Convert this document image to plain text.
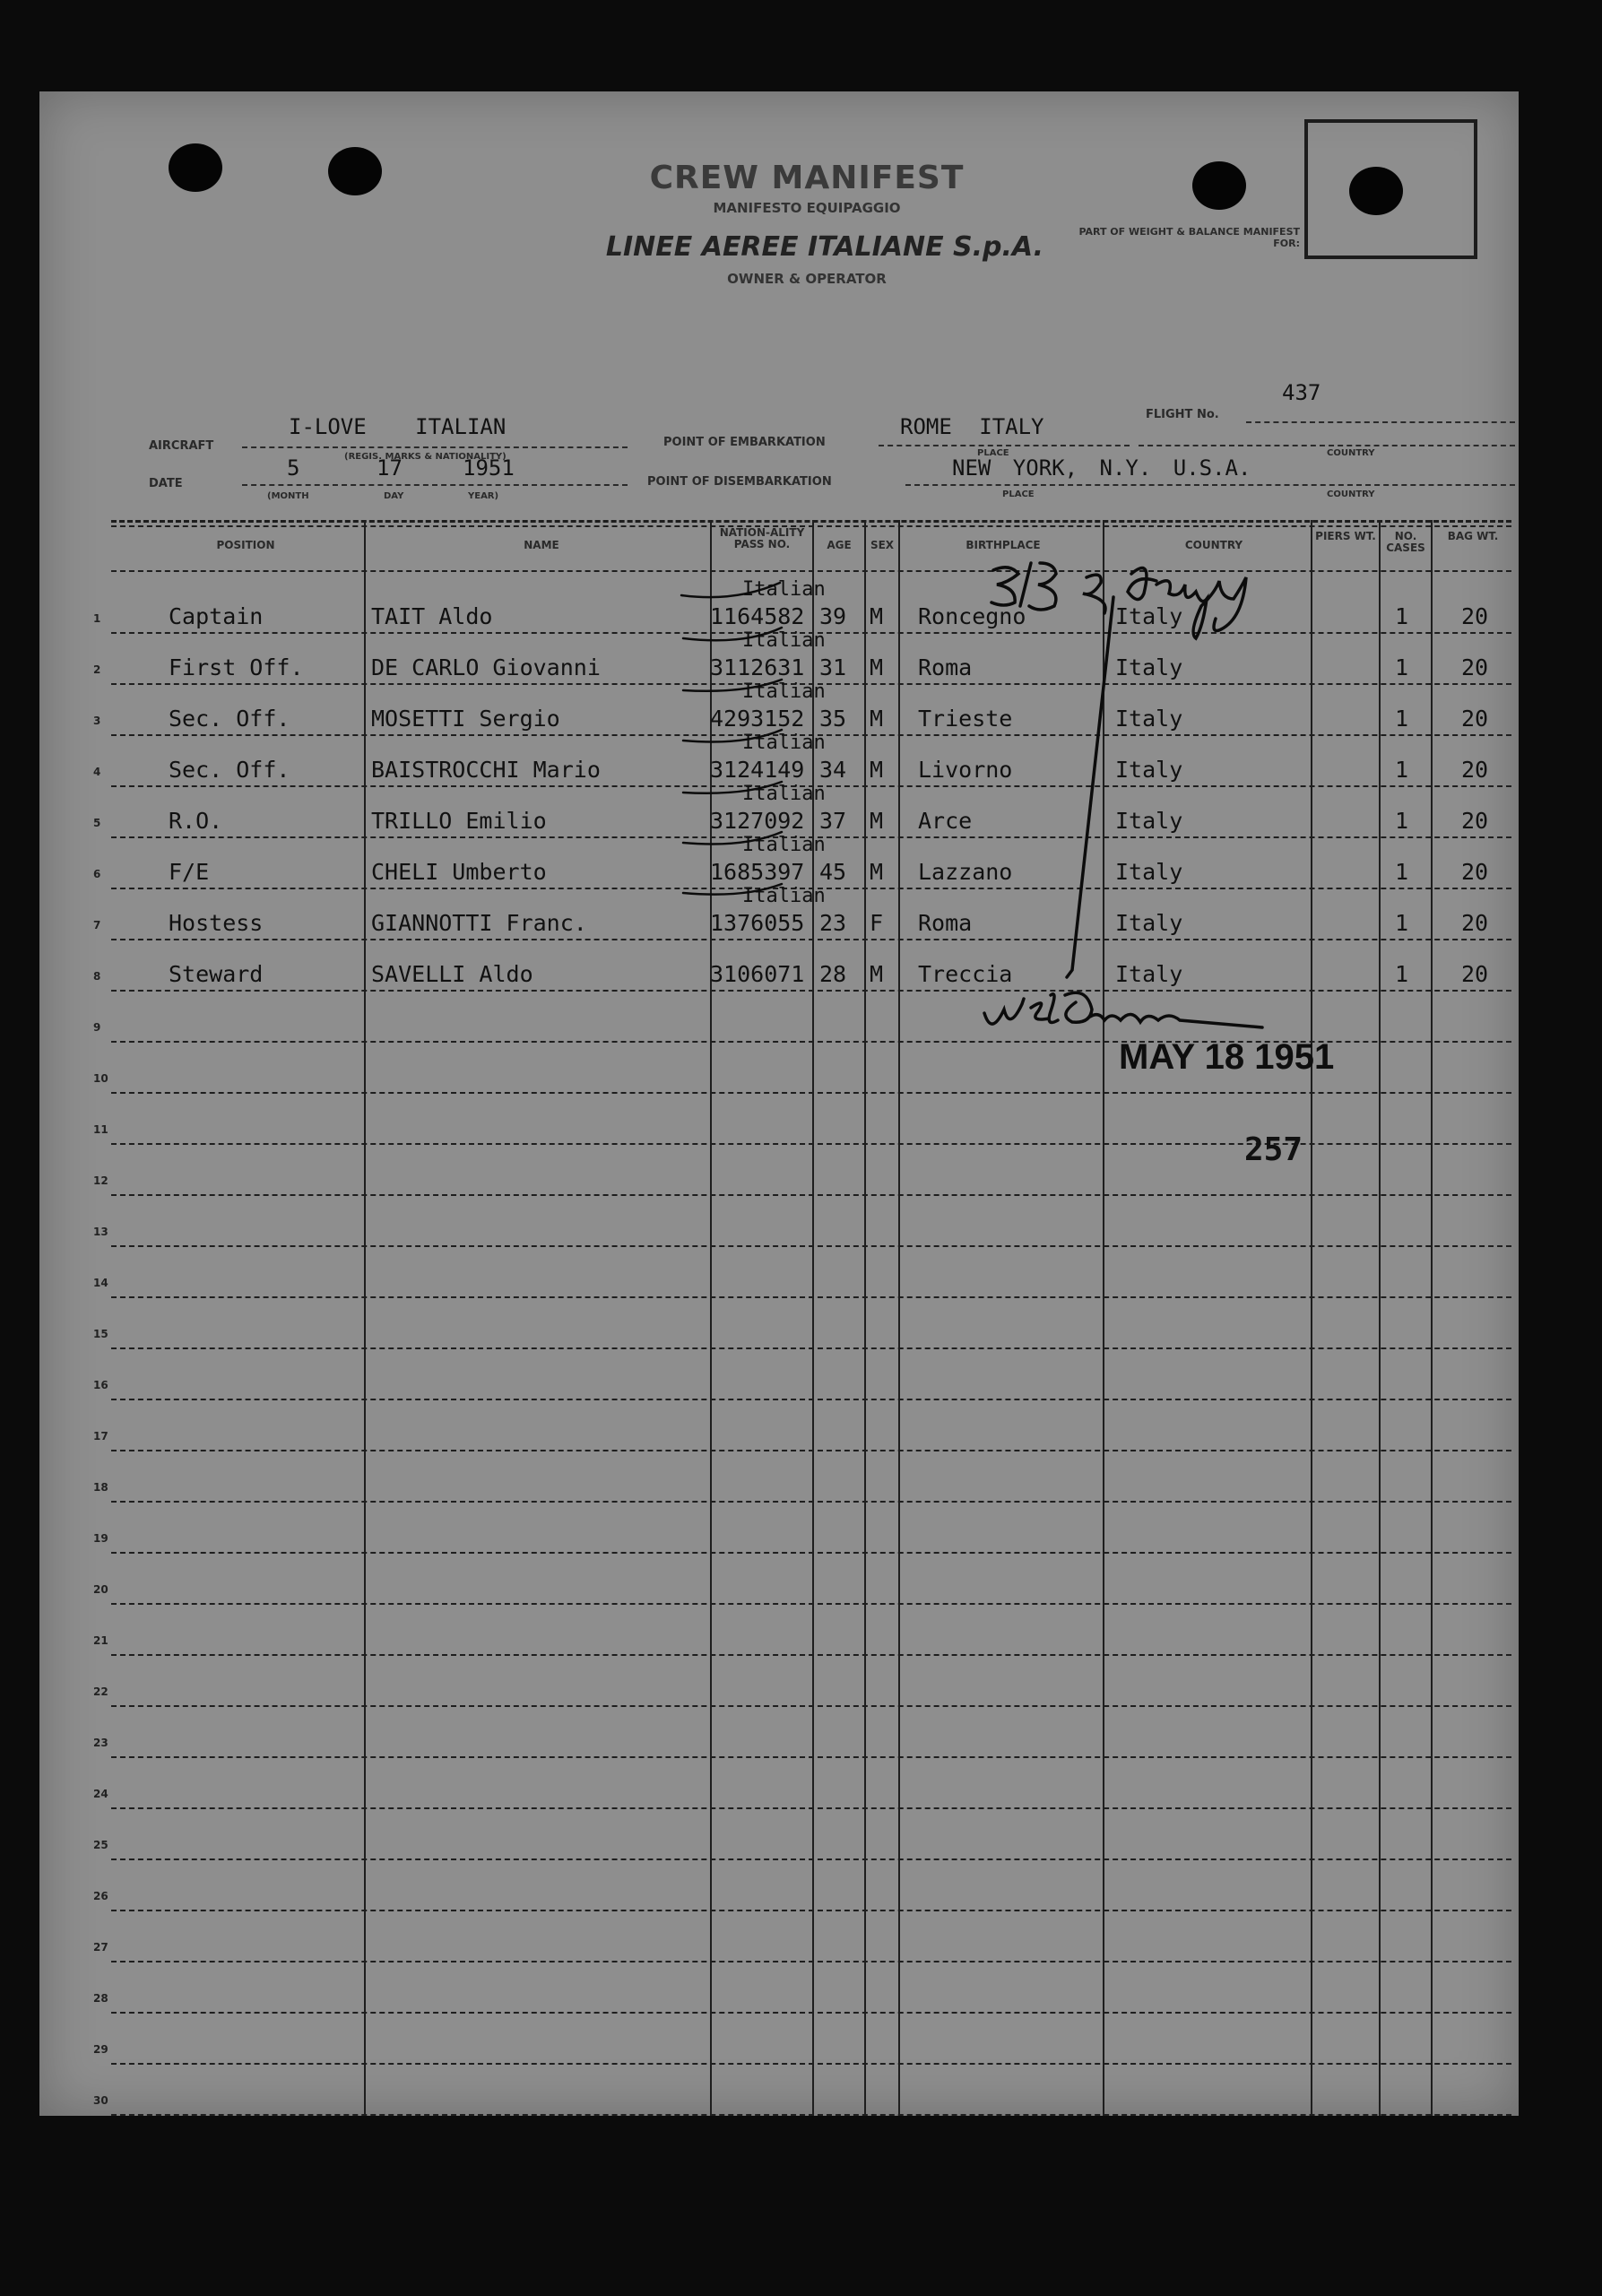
PART OF WEIGHT & BALANCE MANIFEST FOR:
CREW MANIFEST
MANIFESTO EQUIPAGGIO
LINEE AEREE ITALIANE S.p.A.
OWNER & OPERATOR
FLIGHT No.
437
AIRCRAFT
I-LOVE ITALIAN
(REGIS. MARKS & NATIONALITY)
POINT OF EMBARKATION
ROME ITALY
PLACE	COUNTRY
DATE
5	17	1951
(MONTH	DAY	YEAR)
POINT OF DISEMBARKATION
NEW YORK, N.Y. U.S.A.
PLACE	COUNTRY
POSITION	NAME
NATION-ALITY PASS NO.	AGE	SEX	BIRTHPLACE	COUNTRY
PIERS WT.	NO. CASES
BAG WT.
1	Captain	TAIT Aldo	1164582 39 M Roncegno	Italy	1 20
Italian
2	First Off.	DE CARLO Giovanni	3112631 31 M Roma	Italy	1 20
Italian
3	Sec. Off.	MOSETTI Sergio	4293152 35 M Trieste	Italy	1 20
Italian
4	Sec. Off.	BAISTROCCHI Mario	3124149 34 M Livorno	Italy	1 20
Italian
5	R.O.	TRILLO Emilio	3127092 37 M Arce	Italy	1 20
Italian
6	F/E	CHELI Umberto	1685397 45 M Lazzano	Italy	1 20
Italian
7	Hostess	GIANNOTTI Franc.	1376055 23 F Roma	Italy	1 20
Italian
8	Steward	SAVELLI Aldo	3106071 28 M Treccia	Italy	1 20
9
10
11
12
13
14
15
16
17
18
19
20
21
22
23
24
25
26
27
28
29
30
MAY 18 1951
257
